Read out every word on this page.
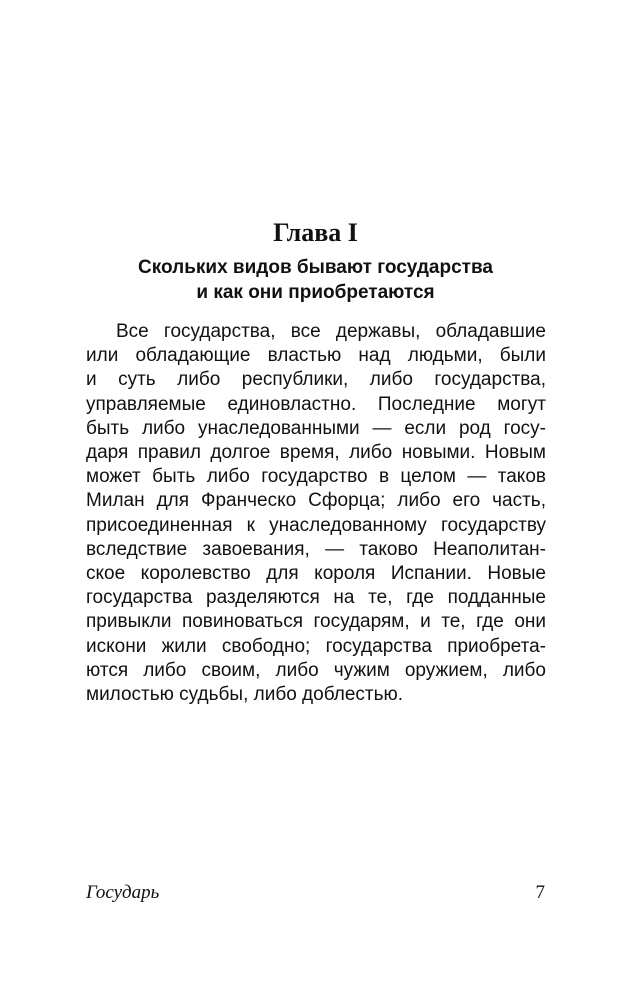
Глава I
Скольких видов бывают государства
и как они приобретаются

Все государства, все державы, обладавшие
или обладающие властью над людьми, были
и суть либо республики, либо государства,
управляемые единовластно. Последние могут
быть либо унаследованными — если род госу-
даря правил долгое время, либо новыми. Новым
может быть либо государство в целом — таков
Милан для Франческо Сфорца; либо его часть,
присоединенная к унаследованному государству
вследствие завоевания, — таково Неаполитан-
ское королевство для короля Испании. Новые
государства разделяются на те, где подданные
привыкли повиноваться государям, и те, где они
искони жили свободно; государства приобрета-
ются либо своим, либо чужим оружием, либо
милостью судьбы, либо доблестью.

Государь	7
